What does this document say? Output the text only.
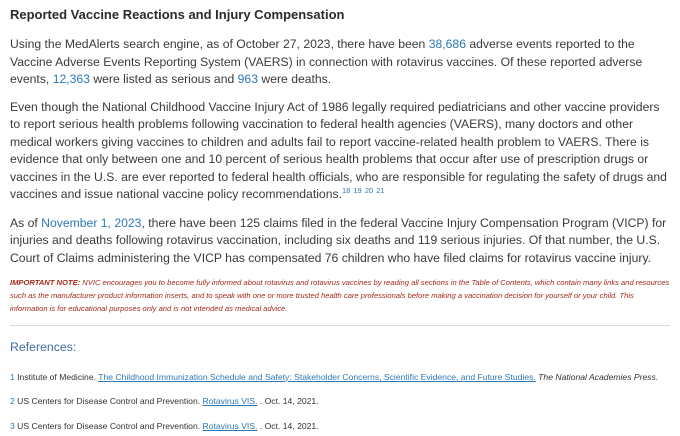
Reported Vaccine Reactions and Injury Compensation

Using the MedAlerts search engine, as of October 27, 2023, there have been 38,686 adverse events reported to the Vaccine Adverse Events Reporting System (VAERS) in connection with rotavirus vaccines. Of these reported adverse events, 12,363 were listed as serious and 963 were deaths.

Even though the National Childhood Vaccine Injury Act of 1986 legally required pediatricians and other vaccine providers to report serious health problems following vaccination to federal health agencies (VAERS), many doctors and other medical workers giving vaccines to children and adults fail to report vaccine-related health problem to VAERS. There is evidence that only between one and 10 percent of serious health problems that occur after use of prescription drugs or vaccines in the U.S. are ever reported to federal health officials, who are responsible for regulating the safety of drugs and vaccines and issue national vaccine policy recommendations.$^{18 19 20 21}$

As of November 1, 2023, there have been 125 claims filed in the federal Vaccine Injury Compensation Program (VICP) for injuries and deaths following rotavirus vaccination, including six deaths and 119 serious injuries. Of that number, the U.S. Court of Claims administering the VICP has compensated 76 children who have filed claims for rotavirus vaccine injury.

IMPORTANT NOTE: NVIC encourages you to become fully informed about rotavirus and rotavirus vaccines by reading all sections in the Table of Contents, which contain many links and resources such as the manufacturer product information inserts, and to speak with one or more trusted health care professionals before making a vaccination decision for yourself or your child. This information is for educational purposes only and is not intended as medical advice.

References:
1 Institute of Medicine. The Childhood Immunization Schedule and Safety: Stakeholder Concerns, Scientific Evidence, and Future Studies. The National Academies Press.
2 US Centers for Disease Control and Prevention. Rotavirus VIS. . Oct. 14, 2021.
3 US Centers for Disease Control and Prevention. Rotavirus VIS. . Oct. 14, 2021.
